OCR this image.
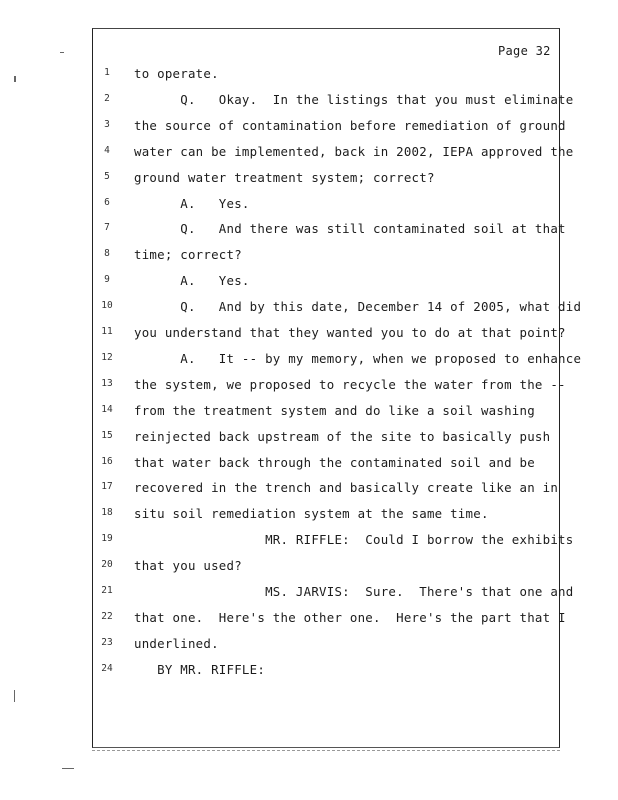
Page 32
1	to operate.
2	Q.   Okay.  In the listings that you must eliminate
3	the source of contamination before remediation of ground
4	water can be implemented, back in 2002, IEPA approved the
5	ground water treatment system; correct?
6	A.   Yes.
7	Q.   And there was still contaminated soil at that
8	time; correct?
9	A.   Yes.
10 Q.   And by this date, December 14 of 2005, what did
11 you understand that they wanted you to do at that point?
12 A.   It -- by my memory, when we proposed to enhance
13 the system, we proposed to recycle the water from the --
14 from the treatment system and do like a soil washing
15 reinjected back upstream of the site to basically push
16 that water back through the contaminated soil and be
17 recovered in the trench and basically create like an in
18 situ soil remediation system at the same time.
19 MR. RIFFLE:  Could I borrow the exhibits
20 that you used?
21 MS. JARVIS:  Sure.  There's that one and
22 that one.  Here's the other one.  Here's the part that I
23 underlined.
24 BY MR. RIFFLE:
